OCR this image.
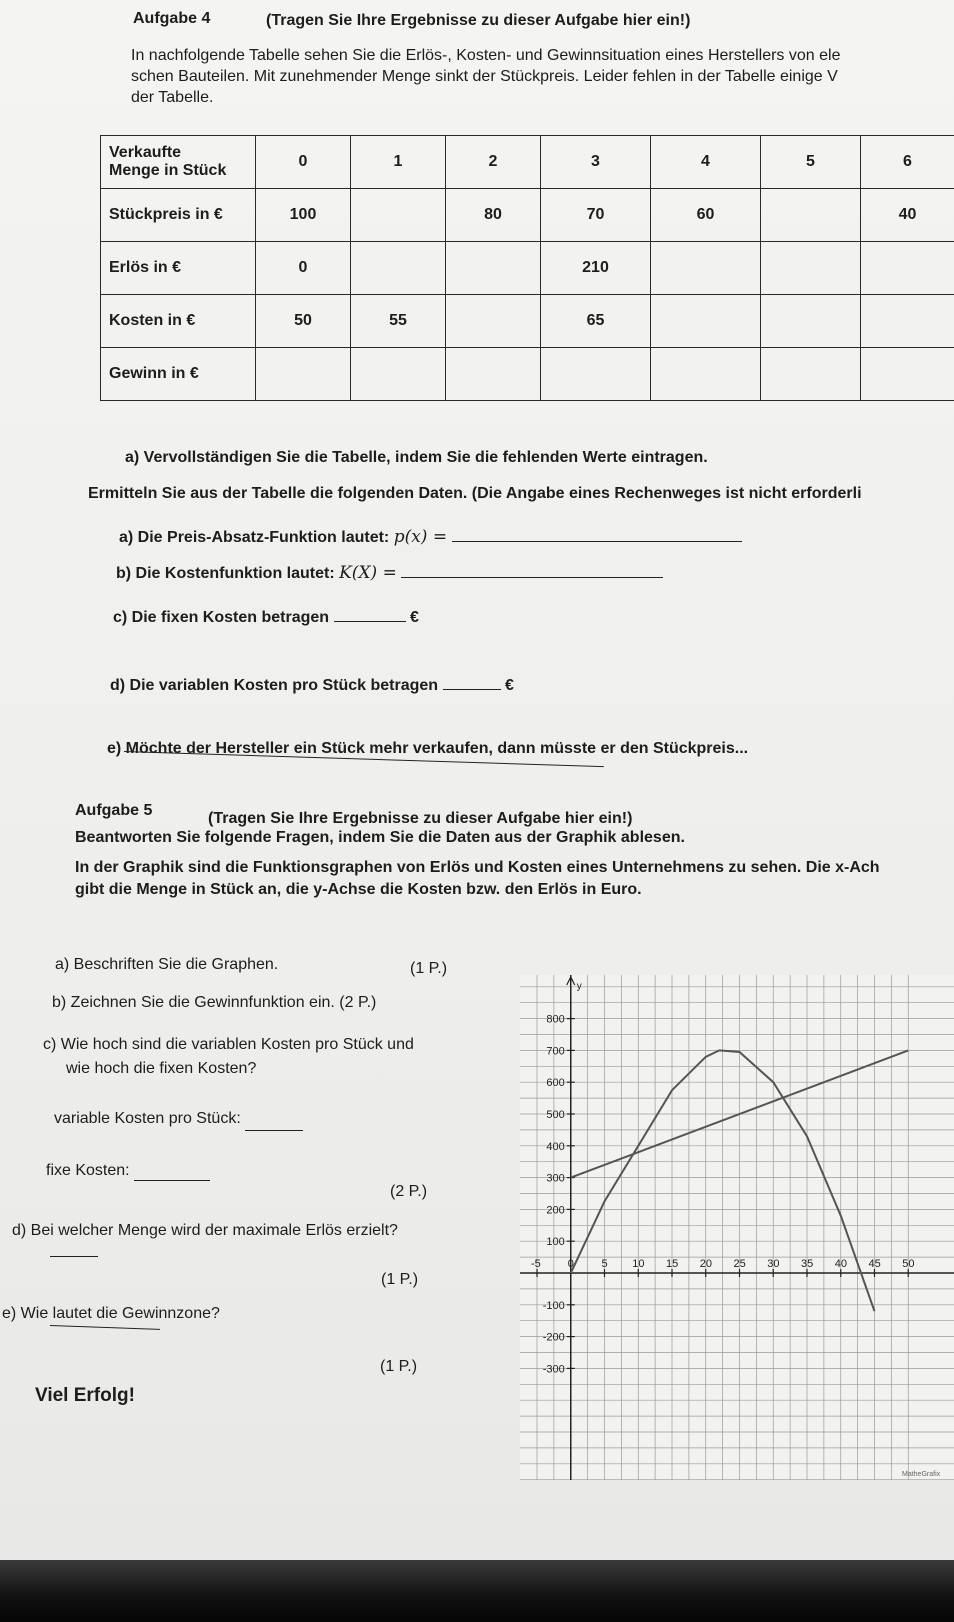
Aufgabe 4	(Tragen Sie Ihre Ergebnisse zu dieser Aufgabe hier ein!)
In nachfolgende Tabelle sehen Sie die Erlös-, Kosten- und Gewinnsituation eines Herstellers von ele
schen Bauteilen. Mit zunehmender Menge sinkt der Stückpreis. Leider fehlen in der Tabelle einige V
der Tabelle.
Verkaufte
Menge in Stück	0	1	2	3	4	5	6	

Stückpreis in €	100		80	70	60		40	

Erlös in €	0			210				

Kosten in €	50	55		65				

Gewinn in €								

a) Vervollständigen Sie die Tabelle, indem Sie die fehlenden Werte eintragen.
Ermitteln Sie aus der Tabelle die folgenden Daten. (Die Angabe eines Rechenweges ist nicht erforderli
a) Die Preis-Absatz-Funktion lautet: p(x) =
b) Die Kostenfunktion lautet: K(X) =
c) Die fixen Kosten betragen	€
d) Die variablen Kosten pro Stück betragen	€
e) Möchte der Hersteller ein Stück mehr verkaufen, dann müsste er den Stückpreis...
Aufgabe 5	(Tragen Sie Ihre Ergebnisse zu dieser Aufgabe hier ein!)
Beantworten Sie folgende Fragen, indem Sie die Daten aus der Graphik ablesen.
In der Graphik sind die Funktionsgraphen von Erlös und Kosten eines Unternehmens zu sehen. Die x-Ach
gibt die Menge in Stück an, die y-Achse die Kosten bzw. den Erlös in Euro.
a) Beschriften Sie die Graphen.	(1 P.)
b) Zeichnen Sie die Gewinnfunktion ein. (2 P.)
c) Wie hoch sind die variablen Kosten pro Stück und
wie hoch die fixen Kosten?
variable Kosten pro Stück:
fixe Kosten:
(2 P.)
d) Bei welcher Menge wird der maximale Erlös erzielt?
(1 P.)
e) Wie lautet die Gewinnzone?
(1 P.)
Viel Erfolg!
y
-5 0	5 10 15 20 25 30 35 40 45 50
800
700
600
500
400
300
200
100
-100
-200
-300
MatheGrafix
